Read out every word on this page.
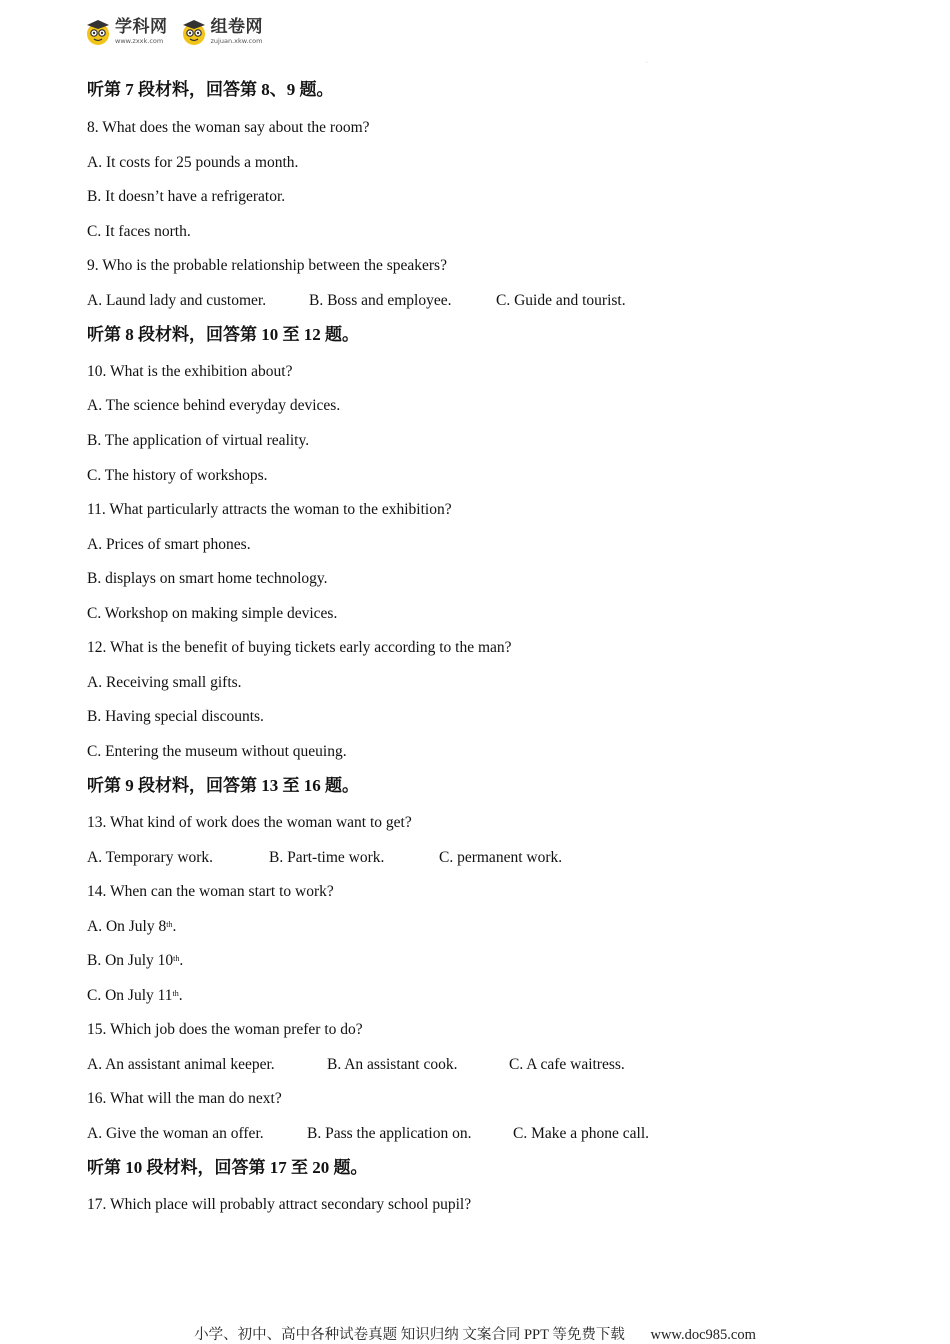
学科网
www.zxxk.com
组卷网
zujuan.xkw.com
·
听第 7 段材料，回答第 8、9 题。
8. What does the woman say about the room?
A. It costs for 25 pounds a month.
B. It doesn’t have a refrigerator.
C. It faces north.
9. Who is the probable relationship between the speakers?
A. Laund lady and customer.	B. Boss and employee.	C. Guide and tourist.
听第 8 段材料，回答第 10 至 12 题。
10. What is the exhibition about?
A. The science behind everyday devices.
B. The application of virtual reality.
C. The history of workshops.
11. What particularly attracts the woman to the exhibition?
A. Prices of smart phones.
B. displays on smart home technology.
C. Workshop on making simple devices.
12. What is the benefit of buying tickets early according to the man?
A. Receiving small gifts.
B. Having special discounts.
C. Entering the museum without queuing.
听第 9 段材料，回答第 13 至 16 题。
13. What kind of work does the woman want to get?
A. Temporary work.	B. Part-time work.	C. permanent work.
14. When can the woman start to work?
A. On July 8th.
B. On July 10th.
C. On July 11th.
15. Which job does the woman prefer to do?
A. An assistant animal keeper.	B. An assistant cook.	C. A cafe waitress.
16. What will the man do next?
A. Give the woman an offer.	B. Pass the application on.	C. Make a phone call.
听第 10 段材料，回答第 17 至 20 题。
17. Which place will probably attract secondary school pupil?
小学、初中、高中各种试卷真题 知识归纳 文案合同 PPT 等免费下载 www.doc985.com
